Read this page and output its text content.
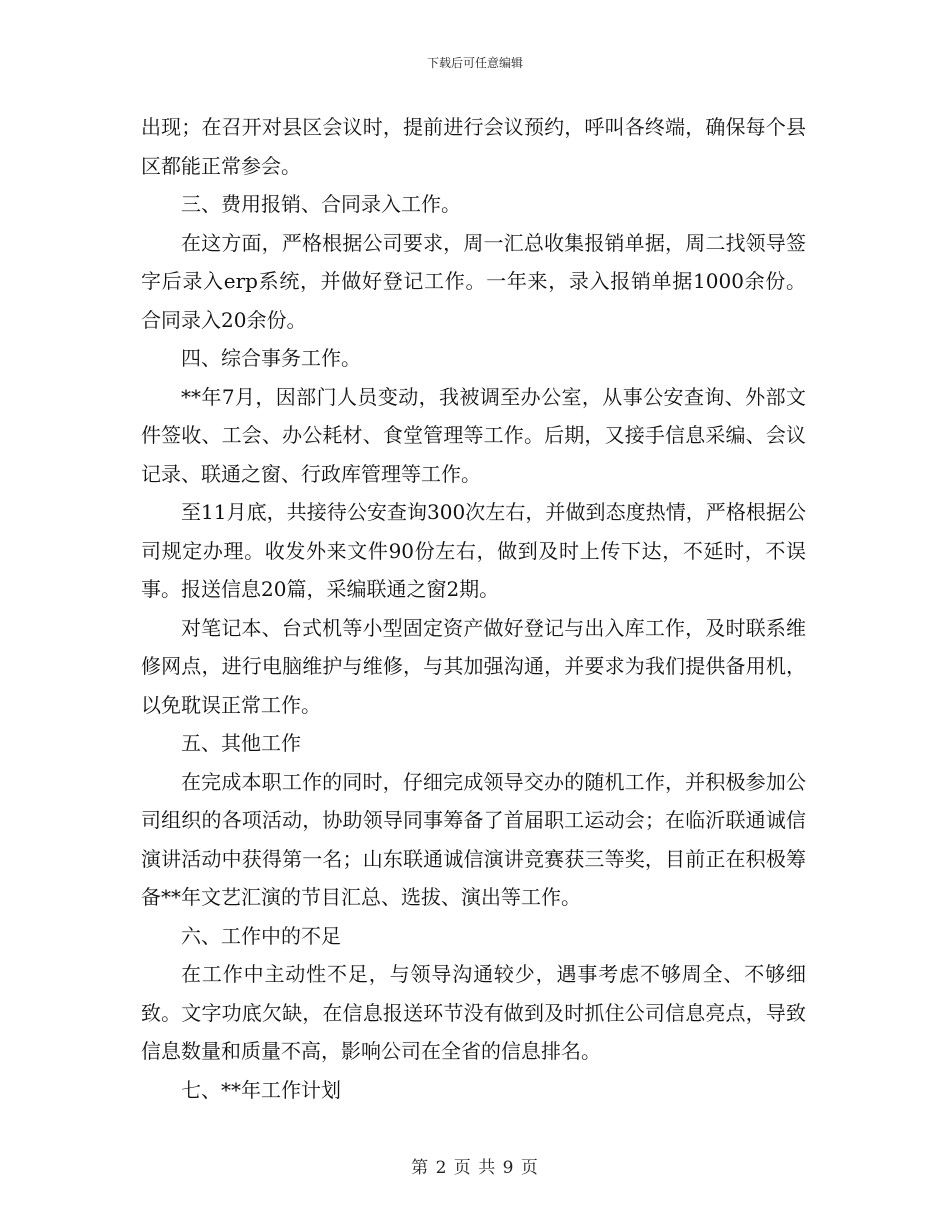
下载后可任意编辑

出现；在召开对县区会议时，提前进行会议预约，呼叫各终端，确保每个县区都能正常参会。

三、费用报销、合同录入工作。

在这方面，严格根据公司要求，周一汇总收集报销单据，周二找领导签字后录入erp系统，并做好登记工作。一年来，录入报销单据1000余份。合同录入20余份。

四、综合事务工作。

**年7月，因部门人员变动，我被调至办公室，从事公安查询、外部文件签收、工会、办公耗材、食堂管理等工作。后期，又接手信息采编、会议记录、联通之窗、行政库管理等工作。

至11月底，共接待公安查询300次左右，并做到态度热情，严格根据公司规定办理。收发外来文件90份左右，做到及时上传下达，不延时，不误事。报送信息20篇，采编联通之窗2期。

对笔记本、台式机等小型固定资产做好登记与出入库工作，及时联系维修网点，进行电脑维护与维修，与其加强沟通，并要求为我们提供备用机，以免耽误正常工作。

五、其他工作

在完成本职工作的同时，仔细完成领导交办的随机工作，并积极参加公司组织的各项活动，协助领导同事筹备了首届职工运动会；在临沂联通诚信演讲活动中获得第一名；山东联通诚信演讲竞赛获三等奖，目前正在积极筹备**年文艺汇演的节目汇总、选拔、演出等工作。

六、工作中的不足

在工作中主动性不足，与领导沟通较少，遇事考虑不够周全、不够细致。文字功底欠缺，在信息报送环节没有做到及时抓住公司信息亮点，导致信息数量和质量不高，影响公司在全省的信息排名。

七、**年工作计划

第 2 页 共 9 页
